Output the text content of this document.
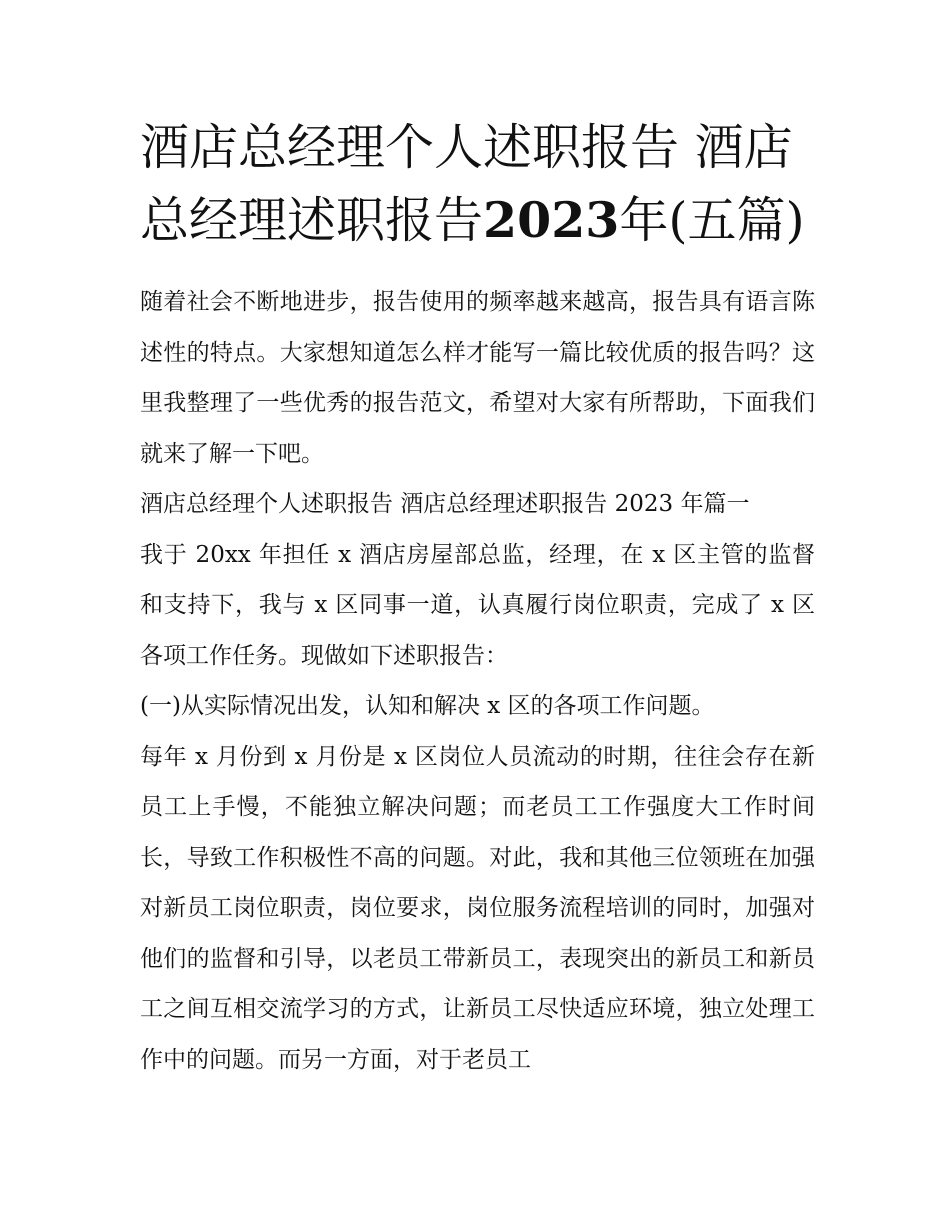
酒店总经理个人述职报告 酒店总经理述职报告2023年(五篇)

随着社会不断地进步，报告使用的频率越来越高，报告具有语言陈述性的特点。大家想知道怎么样才能写一篇比较优质的报告吗？这里我整理了一些优秀的报告范文，希望对大家有所帮助，下面我们就来了解一下吧。

酒店总经理个人述职报告 酒店总经理述职报告 2023 年篇一

我于 20xx 年担任 x 酒店房屋部总监，经理，在 x 区主管的监督和支持下，我与 x 区同事一道，认真履行岗位职责，完成了 x 区各项工作任务。现做如下述职报告：

(一)从实际情况出发，认知和解决 x 区的各项工作问题。

每年 x 月份到 x 月份是 x 区岗位人员流动的时期，往往会存在新员工上手慢，不能独立解决问题；而老员工工作强度大工作时间长，导致工作积极性不高的问题。对此，我和其他三位领班在加强对新员工岗位职责，岗位要求，岗位服务流程培训的同时，加强对他们的监督和引导，以老员工带新员工，表现突出的新员工和新员工之间互相交流学习的方式，让新员工尽快适应环境，独立处理工作中的问题。而另一方面，对于老员工
